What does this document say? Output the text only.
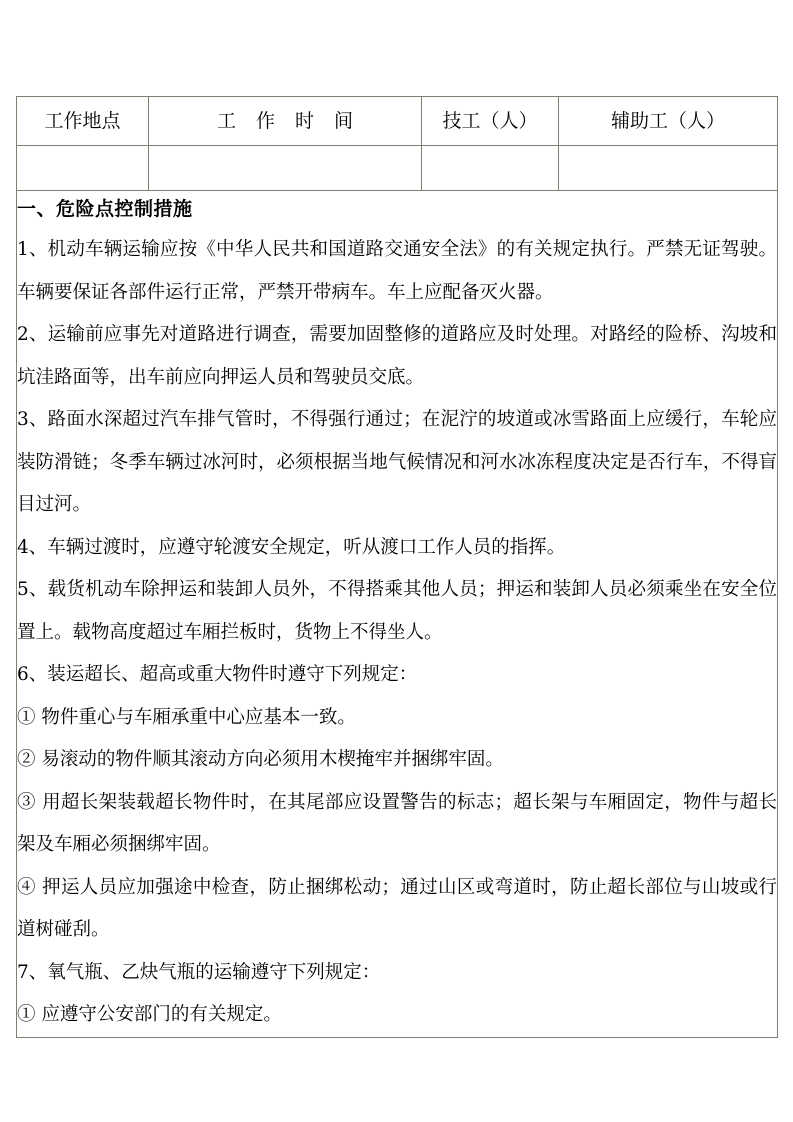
工作地点	工 作 时 间	技工（人）	辅助工（人）

一、危险点控制措施

1、机动车辆运输应按《中华人民共和国道路交通安全法》的有关规定执行。严禁无证驾驶。车辆要保证各部件运行正常，严禁开带病车。车上应配备灭火器。

2、运输前应事先对道路进行调查，需要加固整修的道路应及时处理。对路经的险桥、沟坡和坑洼路面等，出车前应向押运人员和驾驶员交底。

3、路面水深超过汽车排气管时，不得强行通过；在泥泞的坡道或冰雪路面上应缓行，车轮应装防滑链；冬季车辆过冰河时，必须根据当地气候情况和河水冰冻程度决定是否行车，不得盲目过河。

4、车辆过渡时，应遵守轮渡安全规定，听从渡口工作人员的指挥。

5、载货机动车除押运和装卸人员外，不得搭乘其他人员；押运和装卸人员必须乘坐在安全位置上。载物高度超过车厢拦板时，货物上不得坐人。

6、装运超长、超高或重大物件时遵守下列规定：

① 物件重心与车厢承重中心应基本一致。

② 易滚动的物件顺其滚动方向必须用木楔掩牢并捆绑牢固。

③ 用超长架装载超长物件时，在其尾部应设置警告的标志；超长架与车厢固定，物件与超长架及车厢必须捆绑牢固。

④ 押运人员应加强途中检查，防止捆绑松动；通过山区或弯道时，防止超长部位与山坡或行道树碰刮。

7、氧气瓶、乙炔气瓶的运输遵守下列规定：

① 应遵守公安部门的有关规定。
